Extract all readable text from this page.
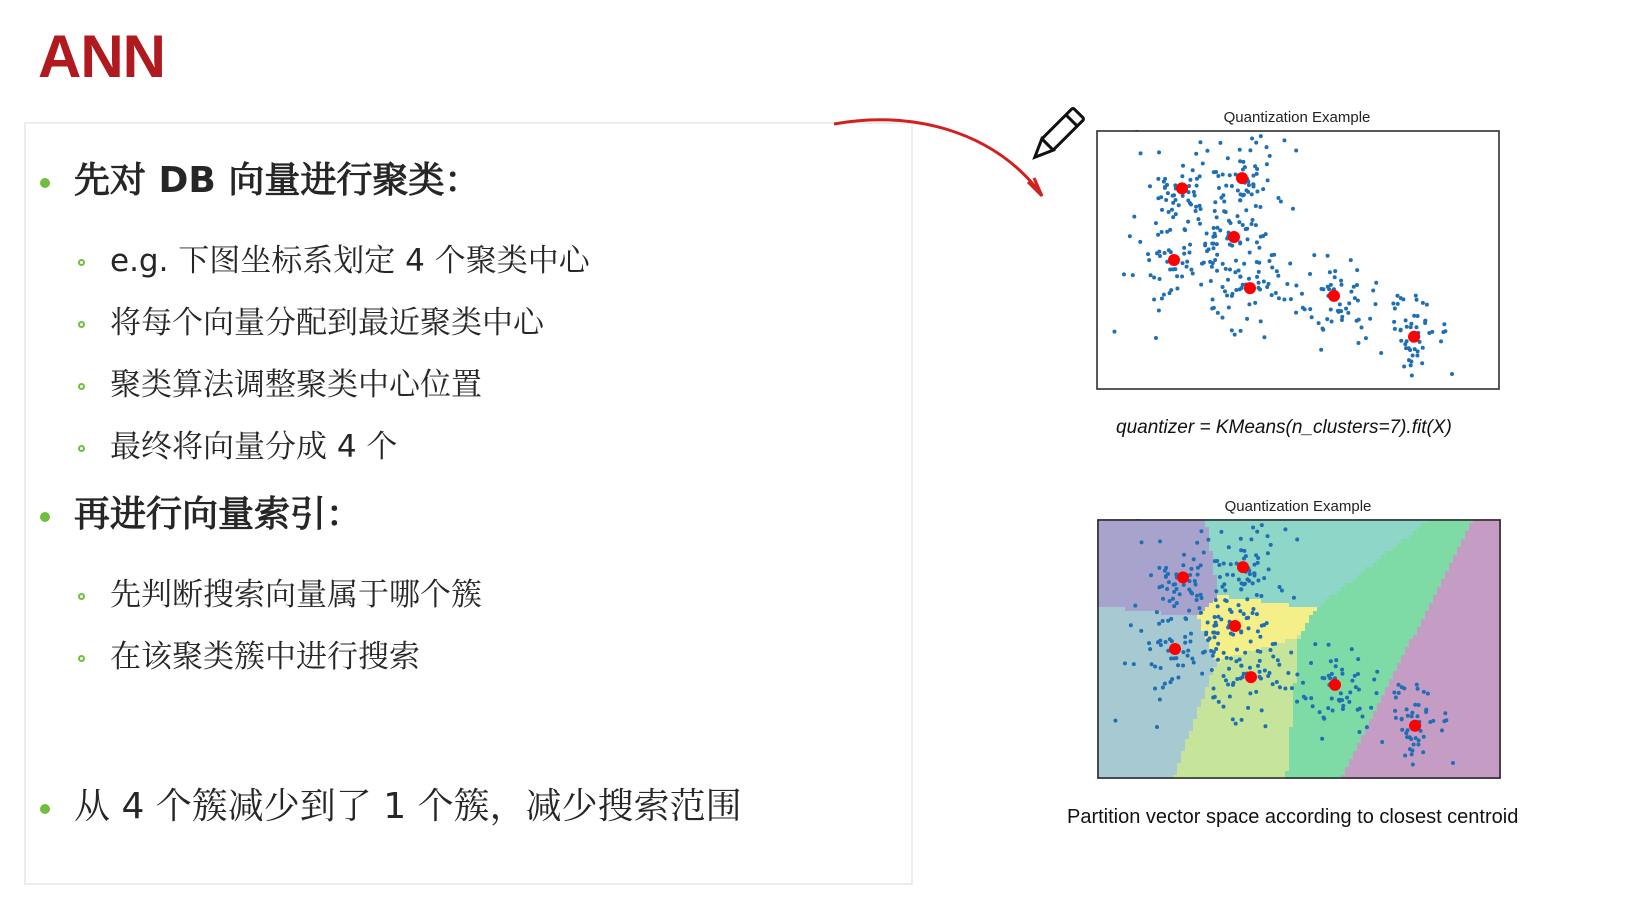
ANN
先对 DB 向量进行聚类：
e.g. 下图坐标系划定 4 个聚类中心
将每个向量分配到最近聚类中心
聚类算法调整聚类中心位置
最终将向量分成 4 个
再进行向量索引：
先判断搜索向量属于哪个簇
在该聚类簇中进行搜索
从 4 个簇减少到了 1 个簇，减少搜索范围
Quantization Example
quantizer = KMeans(n_clusters=7).fit(X)
Quantization Example
Partition vector space according to closest centroid
